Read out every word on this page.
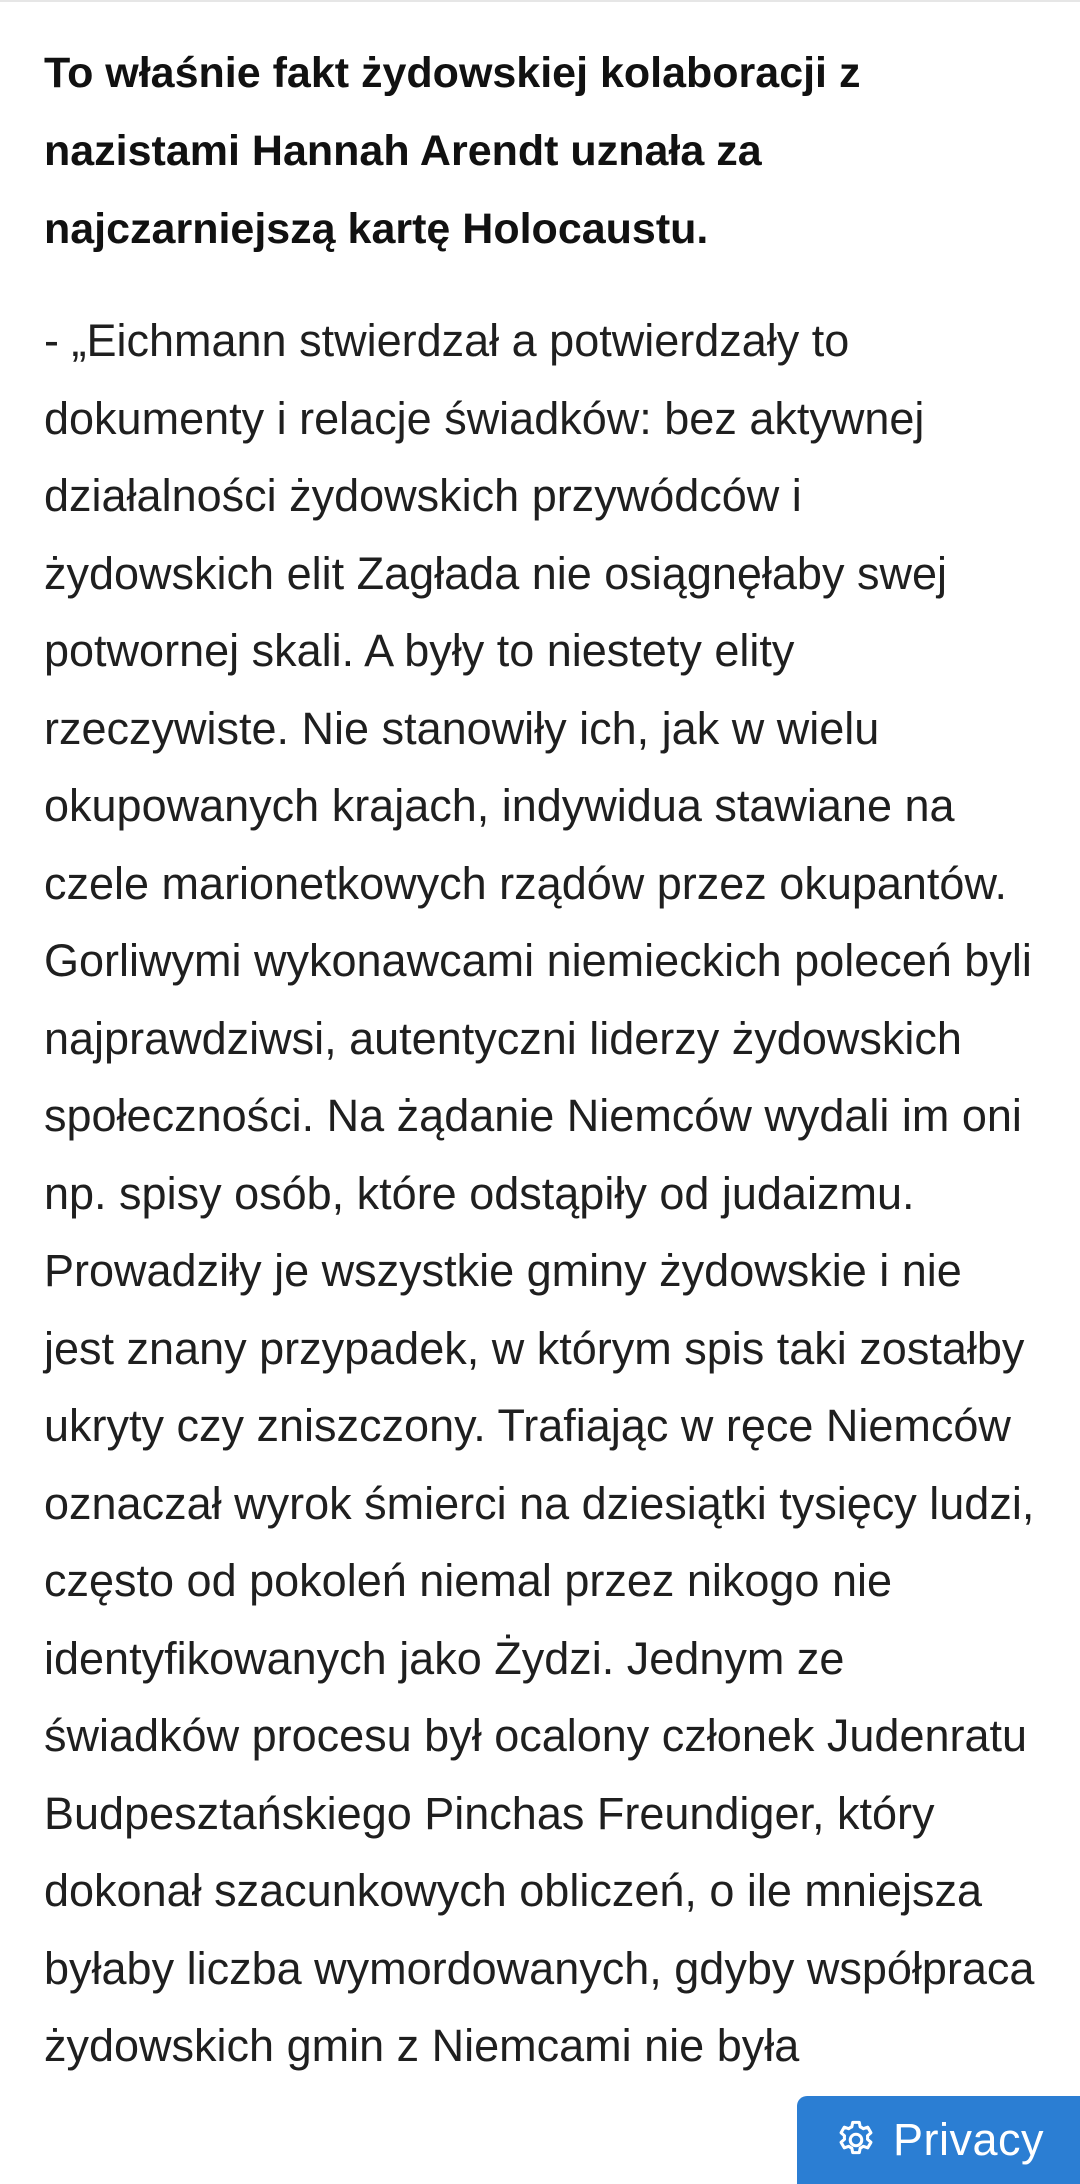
To właśnie fakt żydowskiej kolaboracji z nazistami Hannah Arendt uznała za najczarniejszą kartę Holocaustu.

- „Eichmann stwierdzał a potwierdzały to dokumenty i relacje świadków: bez aktywnej działalności żydowskich przywódców i żydowskich elit Zagłada nie osiągnęłaby swej potwornej skali. A były to niestety elity rzeczywiste. Nie stanowiły ich, jak w wielu okupowanych krajach, indywidua stawiane na czele marionetkowych rządów przez okupantów. Gorliwymi wykonawcami niemieckich poleceń byli najprawdziwsi, autentyczni liderzy żydowskich społeczności. Na żądanie Niemców wydali im oni np. spisy osób, które odstąpiły od judaizmu. Prowadziły je wszystkie gminy żydowskie i nie jest znany przypadek, w którym spis taki zostałby ukryty czy zniszczony. Trafiając w ręce Niemców oznaczał wyrok śmierci na dziesiątki tysięcy ludzi, często od pokoleń niemal przez nikogo nie identyfikowanych jako Żydzi. Jednym ze świadków procesu był ocalony członek Judenratu Budpesztańskiego Pinchas Freundiger, który dokonał szacunkowych obliczeń, o ile mniejsza byłaby liczba wymordowanych, gdyby współpraca żydowskich gmin z Niemcami nie była

Privacy
